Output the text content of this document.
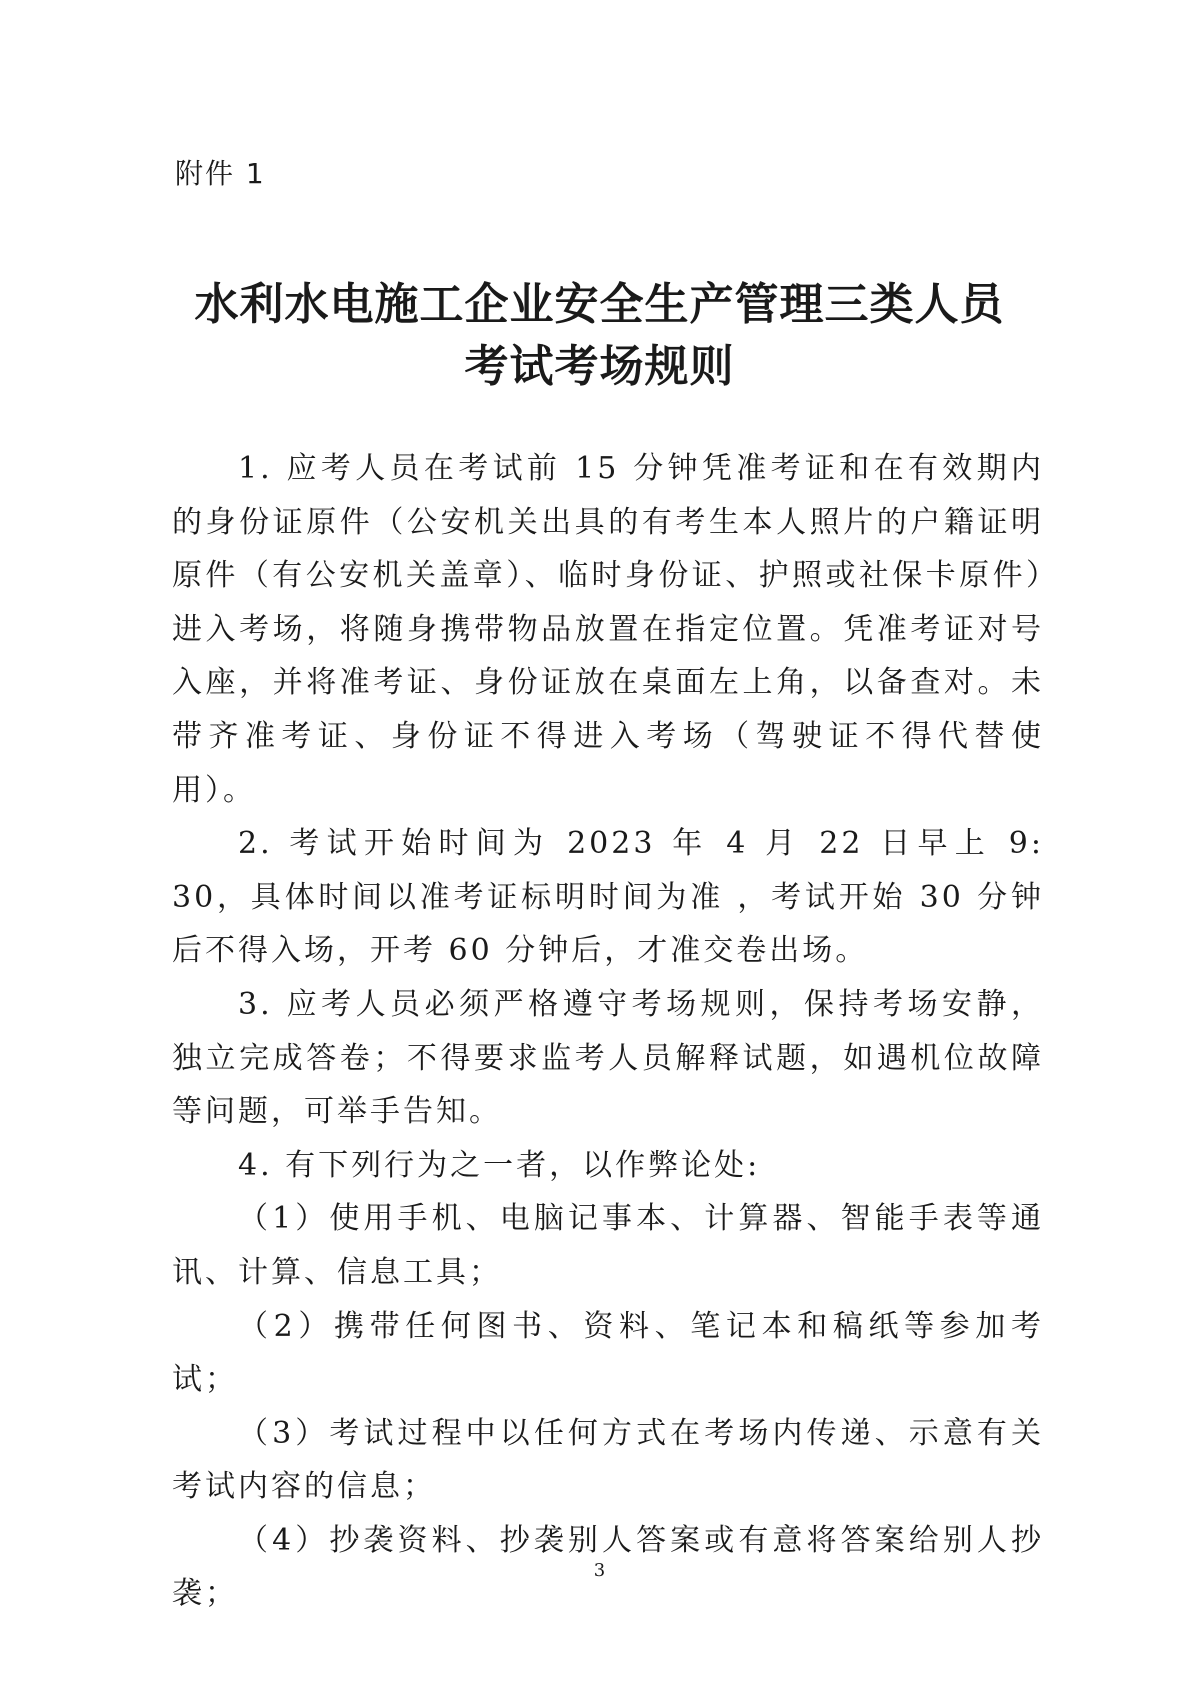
附件 1
水利水电施工企业安全生产管理三类人员
考试考场规则

1. 应考人员在考试前 15 分钟凭准考证和在有效期内的身份证原件（公安机关出具的有考生本人照片的户籍证明原件（有公安机关盖章）、临时身份证、护照或社保卡原件）进入考场，将随身携带物品放置在指定位置。凭准考证对号入座，并将准考证、身份证放在桌面左上角，以备查对。未带齐准考证、身份证不得进入考场（驾驶证不得代替使用）。

2. 考试开始时间为 2023 年 4 月 22 日早上 9: 30，具体时间以准考证标明时间为准 ，考试开始 30 分钟后不得入场，开考 60 分钟后，才准交卷出场。

3. 应考人员必须严格遵守考场规则，保持考场安静，独立完成答卷；不得要求监考人员解释试题，如遇机位故障等问题，可举手告知。

4. 有下列行为之一者，以作弊论处:

（1）使用手机、电脑记事本、计算器、智能手表等通讯、计算、信息工具；

（2）携带任何图书、资料、笔记本和稿纸等参加考试；

（3）考试过程中以任何方式在考场内传递、示意有关考试内容的信息；

（4）抄袭资料、抄袭别人答案或有意将答案给别人抄袭；

3
